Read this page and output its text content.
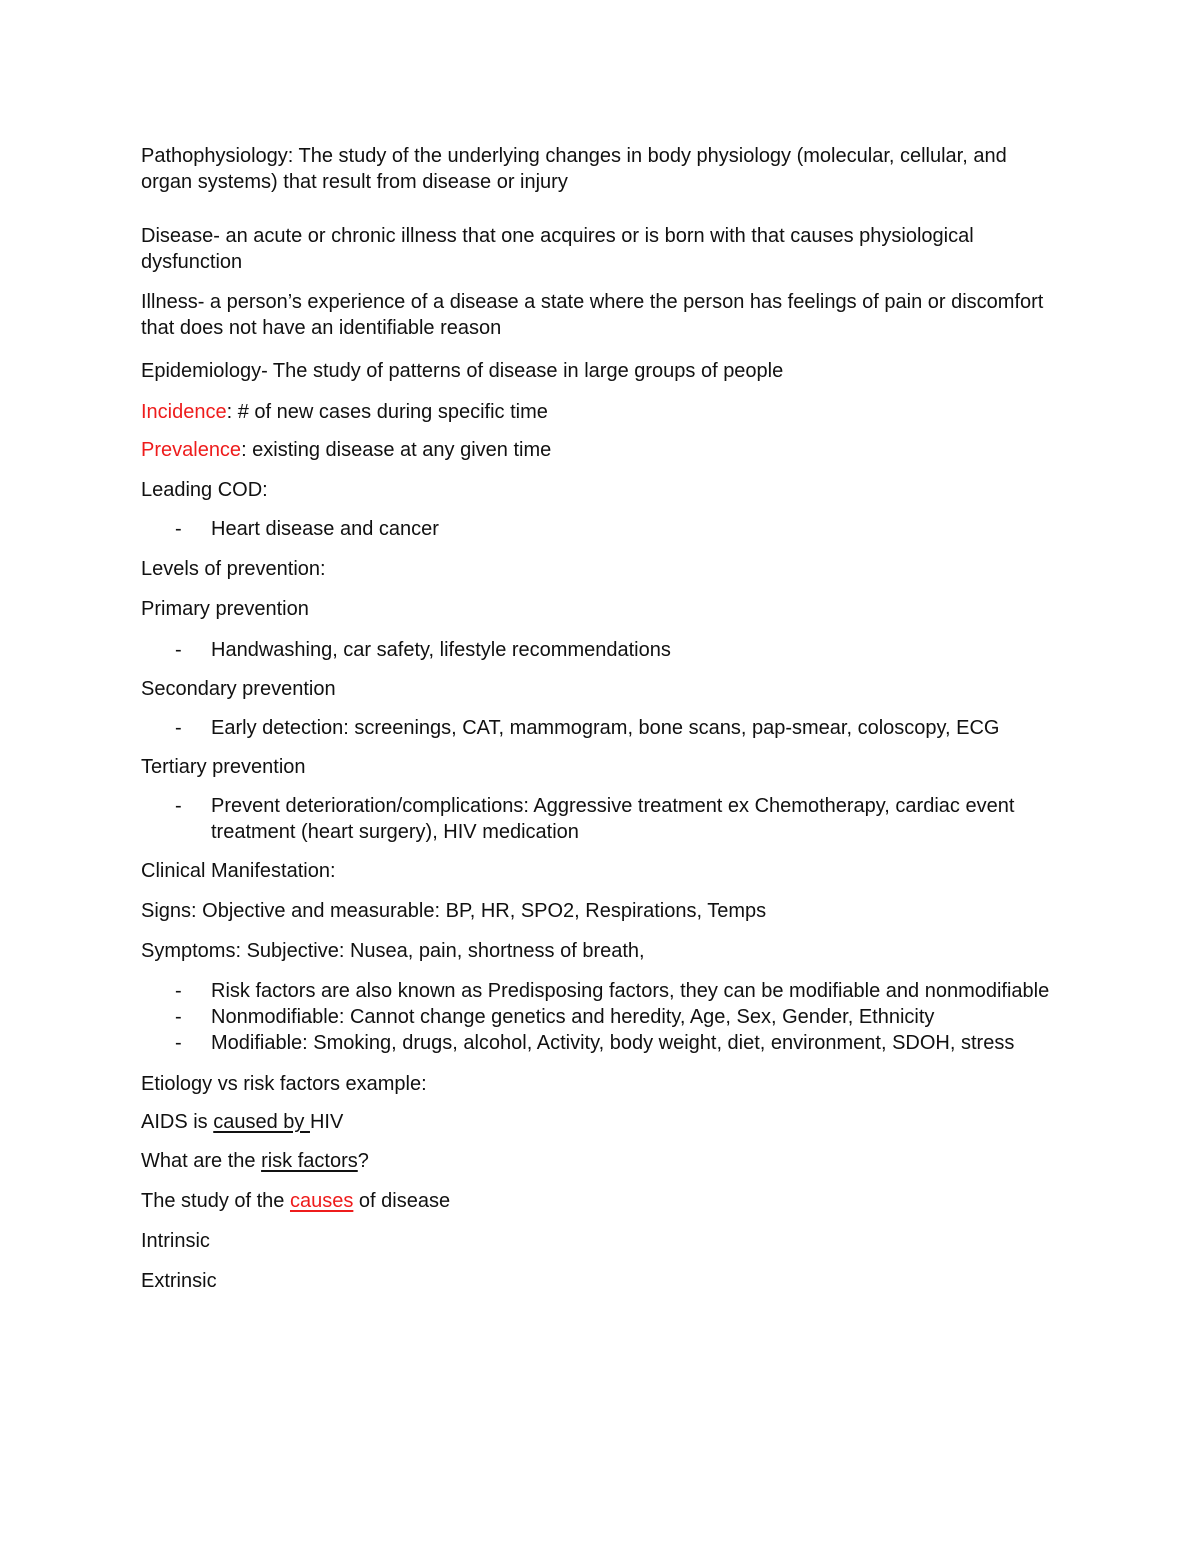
Pathophysiology: The study of the underlying changes in body physiology (molecular, cellular, and organ systems) that result from disease or injury

Disease- an acute or chronic illness that one acquires or is born with that causes physiological dysfunction

Illness- a person’s experience of a disease a state where the person has feelings of pain or discomfort that does not have an identifiable reason

Epidemiology- The study of patterns of disease in large groups of people

Incidence: # of new cases during specific time

Prevalence: existing disease at any given time

Leading COD:

- Heart disease and cancer

Levels of prevention:

Primary prevention

- Handwashing, car safety, lifestyle recommendations

Secondary prevention

- Early detection: screenings, CAT, mammogram, bone scans, pap-smear, coloscopy, ECG

Tertiary prevention

- Prevent deterioration/complications: Aggressive treatment ex Chemotherapy, cardiac event treatment (heart surgery), HIV medication

Clinical Manifestation:

Signs: Objective and measurable: BP, HR, SPO2, Respirations, Temps

Symptoms: Subjective: Nusea, pain, shortness of breath,

- Risk factors are also known as Predisposing factors, they can be modifiable and nonmodifiable
- Nonmodifiable: Cannot change genetics and heredity, Age, Sex, Gender, Ethnicity
- Modifiable: Smoking, drugs, alcohol, Activity, body weight, diet, environment, SDOH, stress

Etiology vs risk factors example:

AIDS is caused by HIV

What are the risk factors?

The study of the causes of disease

Intrinsic

Extrinsic
